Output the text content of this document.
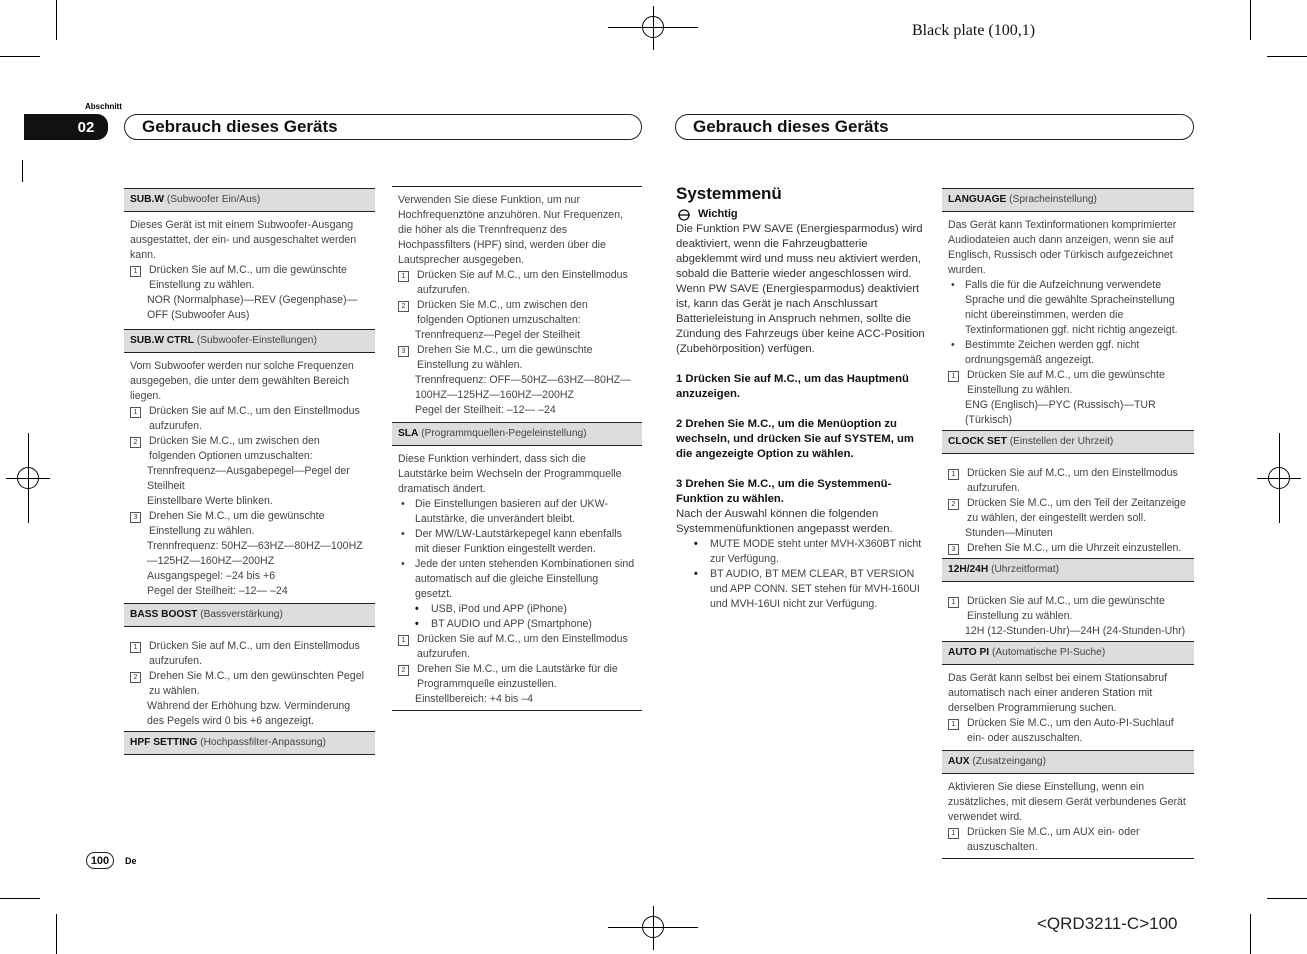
Black plate (100,1)
Abschnitt
02	Gebrauch dieses Geräts	Gebrauch dieses Geräts
SUB.W (Subwoofer Ein/Aus)
Dieses Gerät ist mit einem Subwoofer-Ausgang ausgestattet, der ein- und ausgeschaltet werden kann.
1	Drücken Sie auf M.C., um die gewünschte Einstellung zu wählen.
NOR (Normalphase)—REV (Gegenphase)—OFF (Subwoofer Aus)
SUB.W CTRL (Subwoofer-Einstellungen)
Vom Subwoofer werden nur solche Frequenzen ausgegeben, die unter dem gewählten Bereich liegen.
1	Drücken Sie auf M.C., um den Einstellmodus aufzurufen.
2	Drücken Sie M.C., um zwischen den folgenden Optionen umzuschalten:
Trennfrequenz—Ausgabepegel—Pegel der Steilheit
Einstellbare Werte blinken.
3	Drehen Sie M.C., um die gewünschte Einstellung zu wählen.
Trennfrequenz: 50HZ—63HZ—80HZ—100HZ—125HZ—160HZ—200HZ
Ausgangspegel: –24 bis +6
Pegel der Steilheit: –12— –24
BASS BOOST (Bassverstärkung)
1	Drücken Sie auf M.C., um den Einstellmodus aufzurufen.
2	Drehen Sie M.C., um den gewünschten Pegel zu wählen.
Während der Erhöhung bzw. Verminderung des Pegels wird 0 bis +6 angezeigt.
HPF SETTING (Hochpassfilter-Anpassung)
Verwenden Sie diese Funktion, um nur Hochfrequenztöne anzuhören. Nur Frequenzen, die höher als die Trennfrequenz des Hochpassfilters (HPF) sind, werden über die Lautsprecher ausgegeben.
1	Drücken Sie auf M.C., um den Einstellmodus aufzurufen.
2	Drücken Sie M.C., um zwischen den folgenden Optionen umzuschalten:
Trennfrequenz—Pegel der Steilheit
3	Drehen Sie M.C., um die gewünschte Einstellung zu wählen.
Trennfrequenz: OFF—50HZ—63HZ—80HZ—100HZ—125HZ—160HZ—200HZ
Pegel der Steilheit: –12— –24
SLA (Programmquellen-Pegeleinstellung)
Diese Funktion verhindert, dass sich die Lautstärke beim Wechseln der Programmquelle dramatisch ändert.
• Die Einstellungen basieren auf der UKW-Lautstärke, die unverändert bleibt.
• Der MW/LW-Lautstärkepegel kann ebenfalls mit dieser Funktion eingestellt werden.
• Jede der unten stehenden Kombinationen sind automatisch auf die gleiche Einstellung gesetzt.
•	USB, iPod und APP (iPhone)
•	BT AUDIO und APP (Smartphone)
1	Drücken Sie auf M.C., um den Einstellmodus aufzurufen.
2	Drehen Sie M.C., um die Lautstärke für die Programmquelle einzustellen.
Einstellbereich: +4 bis –4
Systemmenü
Wichtig
Die Funktion PW SAVE (Energiesparmodus) wird deaktiviert, wenn die Fahrzeugbatterie abgeklemmt wird und muss neu aktiviert werden, sobald die Batterie wieder angeschlossen wird. Wenn PW SAVE (Energiesparmodus) deaktiviert ist, kann das Gerät je nach Anschlussart Batterieleistung in Anspruch nehmen, sollte die Zündung des Fahrzeugs über keine ACC-Position (Zubehörposition) verfügen.
1 Drücken Sie auf M.C., um das Hauptmenü anzuzeigen.
2 Drehen Sie M.C., um die Menüoption zu wechseln, und drücken Sie auf SYSTEM, um die angezeigte Option zu wählen.
3 Drehen Sie M.C., um die Systemmenü-Funktion zu wählen.
Nach der Auswahl können die folgenden Systemmenüfunktionen angepasst werden.
•	MUTE MODE steht unter MVH-X360BT nicht zur Verfügung.
•	BT AUDIO, BT MEM CLEAR, BT VERSION und APP CONN. SET stehen für MVH-160UI und MVH-16UI nicht zur Verfügung.
LANGUAGE (Spracheinstellung)
Das Gerät kann Textinformationen komprimierter Audiodateien auch dann anzeigen, wenn sie auf Englisch, Russisch oder Türkisch aufgezeichnet wurden.
• Falls die für die Aufzeichnung verwendete Sprache und die gewählte Spracheinstellung nicht übereinstimmen, werden die Textinformationen ggf. nicht richtig angezeigt.
• Bestimmte Zeichen werden ggf. nicht ordnungsgemäß angezeigt.
1	Drücken Sie auf M.C., um die gewünschte Einstellung zu wählen.
ENG (Englisch)—PYC (Russisch)—TUR (Türkisch)
CLOCK SET (Einstellen der Uhrzeit)
1	Drücken Sie auf M.C., um den Einstellmodus aufzurufen.
2	Drücken Sie M.C., um den Teil der Zeitanzeige zu wählen, der eingestellt werden soll.
Stunden—Minuten
3	Drehen Sie M.C., um die Uhrzeit einzustellen.
12H/24H (Uhrzeitformat)
1	Drücken Sie auf M.C., um die gewünschte Einstellung zu wählen.
12H (12-Stunden-Uhr)—24H (24-Stunden-Uhr)
AUTO PI (Automatische PI-Suche)
Das Gerät kann selbst bei einem Stationsabruf automatisch nach einer anderen Station mit derselben Programmierung suchen.
1	Drücken Sie M.C., um den Auto-PI-Suchlauf ein- oder auszuschalten.
AUX (Zusatzeingang)
Aktivieren Sie diese Einstellung, wenn ein zusätzliches, mit diesem Gerät verbundenes Gerät verwendet wird.
1	Drücken Sie M.C., um AUX ein- oder auszuschalten.
100	De
<QRD3211-C>100
